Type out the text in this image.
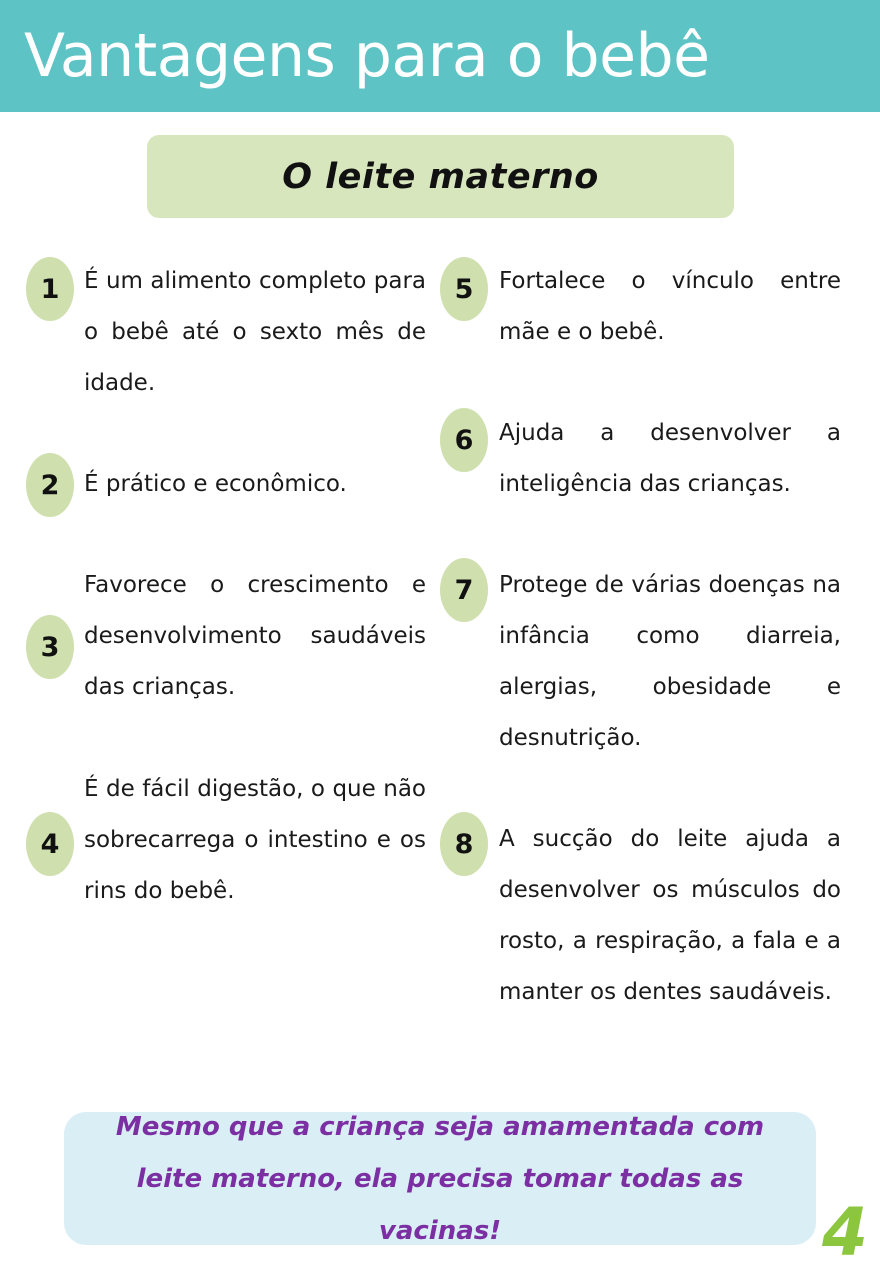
Vantagens para o bebê
O leite materno
1	É um alimento completo para o bebê até o sexto mês de idade.
2	É prático e econômico.
3
Favorece o crescimento e desenvolvimento saudáveis das crianças.
4
É de fácil digestão, o que não sobrecarrega o intestino e os rins do bebê.
5	Fortalece o vínculo entre mãe e o bebê.
6	Ajuda a desenvolver a inteligência das crianças.
7	Protege de várias doenças na infância como diarreia, alergias, obesidade e desnutrição.
8	A sucção do leite ajuda a desenvolver os músculos do rosto, a respiração, a fala e a manter os dentes saudáveis.
Mesmo que a criança seja amamentada com leite materno, ela precisa tomar todas as vacinas!	4
